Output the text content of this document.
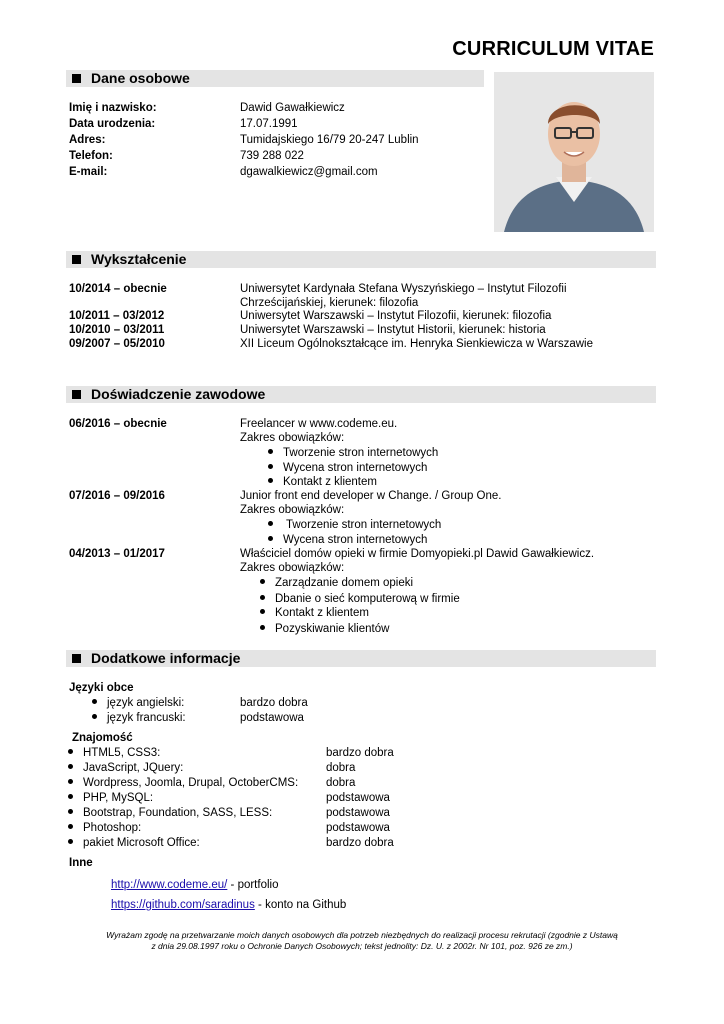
CURRICULUM VITAE
Dane osobowe
Imię i nazwisko:	Dawid Gawałkiewicz
Data urodzenia:	17.07.1991
Adres:	Tumidajskiego 16/79 20-247 Lublin
Telefon:	739 288 022
E-mail:	dgawalkiewicz@gmail.com
Wykształcenie
10/2014 – obecnie	Uniwersytet Kardynała Stefana Wyszyńskiego – Instytut Filozofii
Chrześcijańskiej, kierunek: filozofia
10/2011 – 03/2012	Uniwersytet Warszawski – Instytut Filozofii, kierunek: filozofia
10/2010 – 03/2011	Uniwersytet Warszawski – Instytut Historii, kierunek: historia
09/2007 – 05/2010	XII Liceum Ogólnokształcące im. Henryka Sienkiewicza w Warszawie
Doświadczenie zawodowe
06/2016 – obecnie	Freelancer w www.codeme.eu.
Zakres obowiązków:
Tworzenie stron internetowych
Wycena stron internetowych
Kontakt z klientem
07/2016 – 09/2016	Junior front end developer w Change. / Group One.
Zakres obowiązków:
Tworzenie stron internetowych
Wycena stron internetowych
04/2013 – 01/2017	Właściciel domów opieki w firmie Domyopieki.pl Dawid Gawałkiewicz.
Zakres obowiązków:
Zarządzanie domem opieki
Dbanie o sieć komputerową w firmie
Kontakt z klientem
Pozyskiwanie klientów
Dodatkowe informacje
Języki obce
język angielski:	bardzo dobra
język francuski:	podstawowa
Znajomość
HTML5, CSS3:	bardzo dobra
JavaScript, JQuery:	dobra
Wordpress, Joomla, Drupal, OctoberCMS: dobra
PHP, MySQL:	podstawowa
Bootstrap, Foundation, SASS, LESS:	podstawowa
Photoshop:	podstawowa
pakiet Microsoft Office:	bardzo dobra
Inne
http://www.codeme.eu/ - portfolio
https://github.com/saradinus - konto na Github
Wyrażam zgodę na przetwarzanie moich danych osobowych dla potrzeb niezbędnych do realizacji procesu rekrutacji (zgodnie z Ustawą
z dnia 29.08.1997 roku o Ochronie Danych Osobowych; tekst jednolity: Dz. U. z 2002r. Nr 101, poz. 926 ze zm.)
